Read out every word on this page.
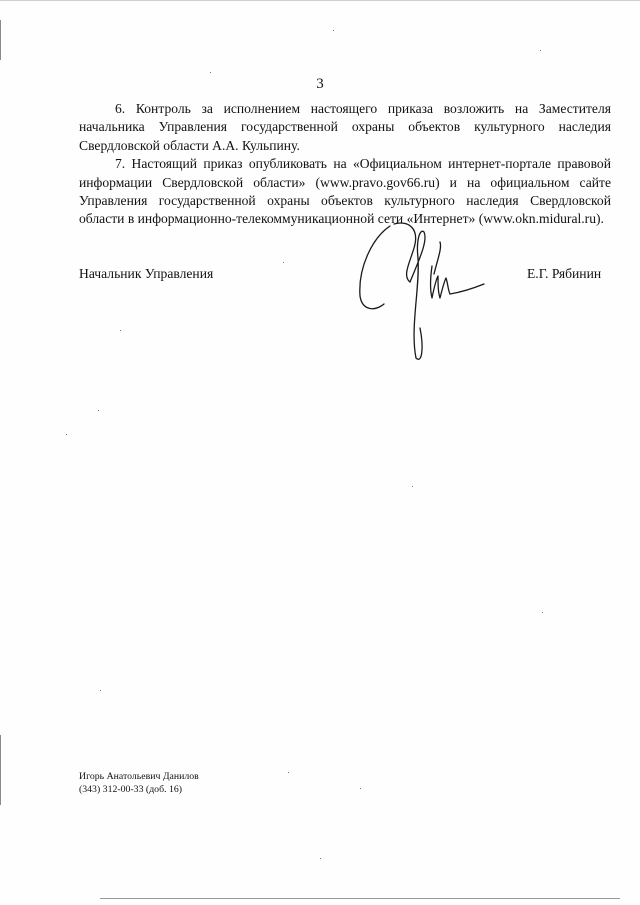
3

6. Контроль за исполнением настоящего приказа возложить на Заместителя начальника Управления государственной охраны объектов культурного наследия Свердловской области А.А. Кульпину.

7. Настоящий приказ опубликовать на «Официальном интернет-портале правовой информации Свердловской области» (www.pravo.gov66.ru) и на официальном сайте Управления государственной охраны объектов культурного наследия Свердловской области в информационно-телекоммуникационной сети «Интернет» (www.okn.midural.ru).

Начальник Управления	Е.Г. Рябинин
Игорь Анатольевич Данилов
(343) 312-00-33 (доб. 16)
